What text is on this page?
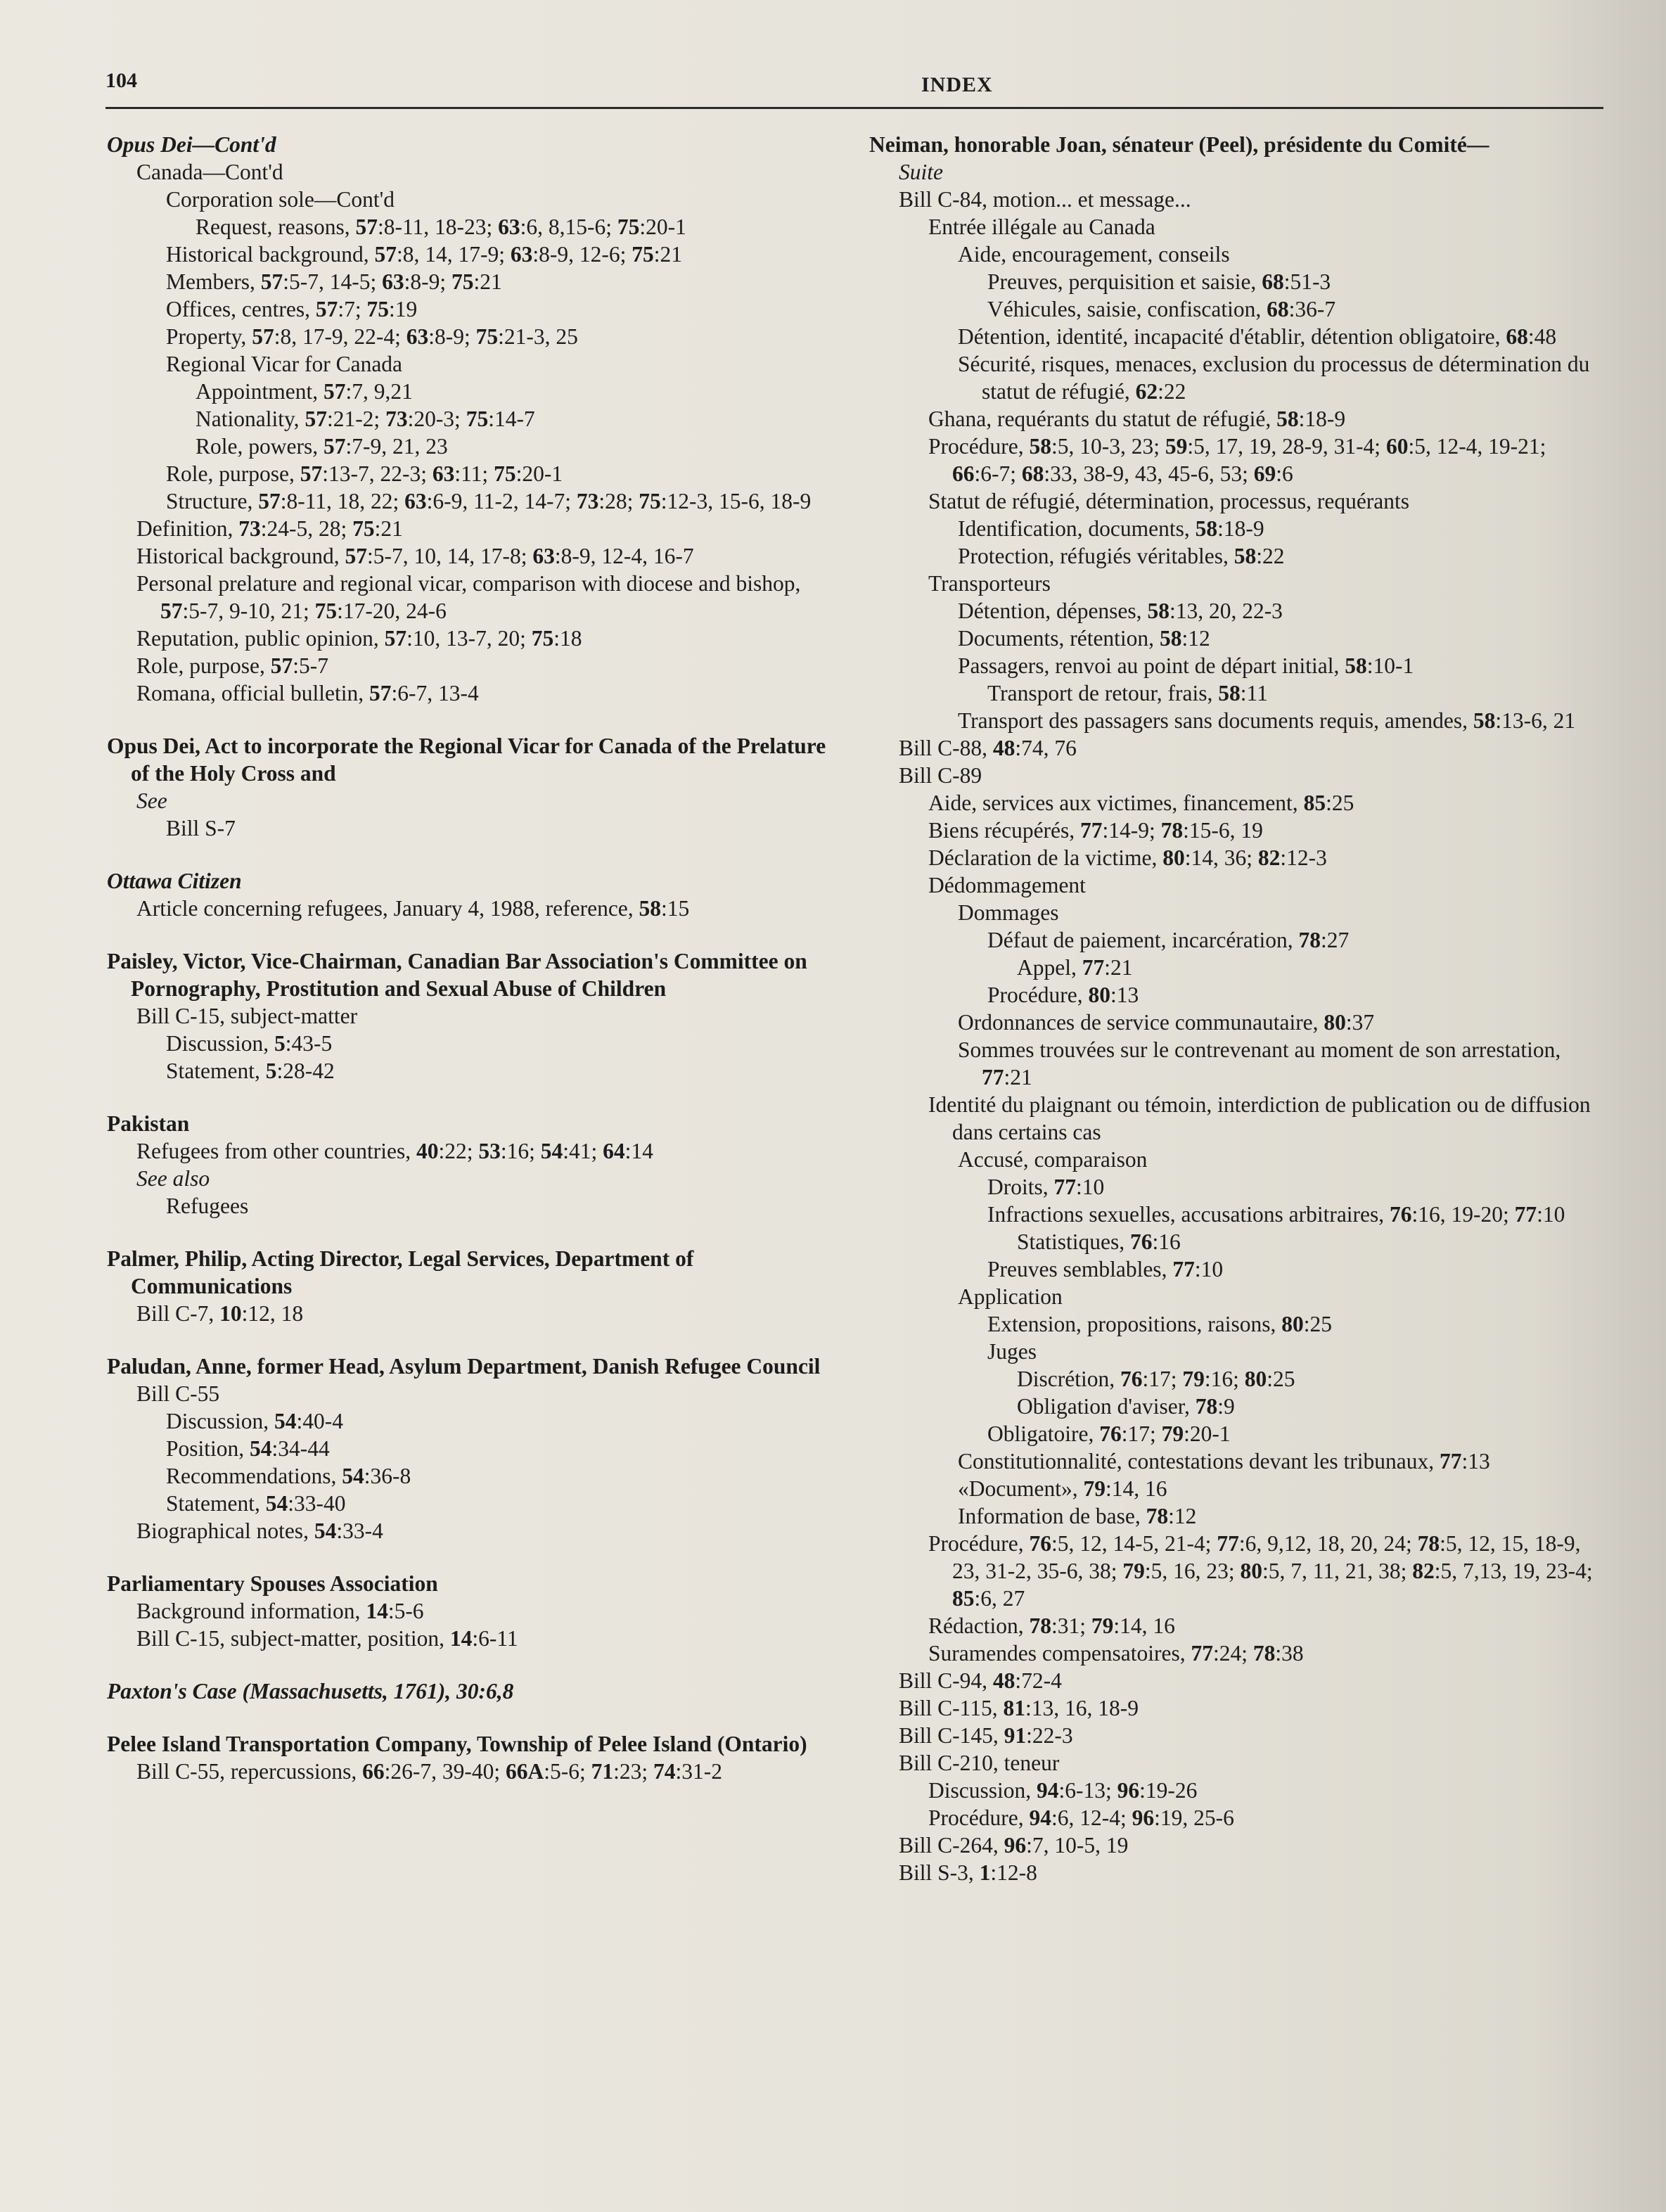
104	INDEX
Opus Dei—Cont'd
Canada—Cont'd
Corporation sole—Cont'd
Request, reasons, 57:8-11, 18-23; 63:6, 8,15-6; 75:20-1
Historical background, 57:8, 14, 17-9; 63:8-9, 12-6; 75:21
Members, 57:5-7, 14-5; 63:8-9; 75:21
Offices, centres, 57:7; 75:19
Property, 57:8, 17-9, 22-4; 63:8-9; 75:21-3, 25
Regional Vicar for Canada
Appointment, 57:7, 9,21
Nationality, 57:21-2; 73:20-3; 75:14-7
Role, powers, 57:7-9, 21, 23
Role, purpose, 57:13-7, 22-3; 63:11; 75:20-1
Structure, 57:8-11, 18, 22; 63:6-9, 11-2, 14-7; 73:28; 75:12-3, 15-6, 18-9
Definition, 73:24-5, 28; 75:21
Historical background, 57:5-7, 10, 14, 17-8; 63:8-9, 12-4, 16-7
Personal prelature and regional vicar, comparison with diocese and bishop, 57:5-7, 9-10, 21; 75:17-20, 24-6
Reputation, public opinion, 57:10, 13-7, 20; 75:18
Role, purpose, 57:5-7
Romana, official bulletin, 57:6-7, 13-4
Opus Dei, Act to incorporate the Regional Vicar for Canada of the Prelature of the Holy Cross and
See
Bill S-7
Ottawa Citizen
Article concerning refugees, January 4, 1988, reference, 58:15
Paisley, Victor, Vice-Chairman, Canadian Bar Association's Committee on Pornography, Prostitution and Sexual Abuse of Children
Bill C-15, subject-matter
Discussion, 5:43-5
Statement, 5:28-42
Pakistan
Refugees from other countries, 40:22; 53:16; 54:41; 64:14
See also
Refugees
Palmer, Philip, Acting Director, Legal Services, Department of Communications
Bill C-7, 10:12, 18
Paludan, Anne, former Head, Asylum Department, Danish Refugee Council
Bill C-55
Discussion, 54:40-4
Position, 54:34-44
Recommendations, 54:36-8
Statement, 54:33-40
Biographical notes, 54:33-4
Parliamentary Spouses Association
Background information, 14:5-6
Bill C-15, subject-matter, position, 14:6-11
Paxton's Case (Massachusetts, 1761), 30:6,8
Pelee Island Transportation Company, Township of Pelee Island (Ontario)
Bill C-55, repercussions, 66:26-7, 39-40; 66A:5-6; 71:23; 74:31-2
Neiman, honorable Joan, sénateur (Peel), présidente du Comité—
Suite
Bill C-84, motion... et message...
Entrée illégale au Canada
Aide, encouragement, conseils
Preuves, perquisition et saisie, 68:51-3
Véhicules, saisie, confiscation, 68:36-7
Détention, identité, incapacité d'établir, détention obligatoire, 68:48
Sécurité, risques, menaces, exclusion du processus de détermination du statut de réfugié, 62:22
Ghana, requérants du statut de réfugié, 58:18-9
Procédure, 58:5, 10-3, 23; 59:5, 17, 19, 28-9, 31-4; 60:5, 12-4, 19-21; 66:6-7; 68:33, 38-9, 43, 45-6, 53; 69:6
Statut de réfugié, détermination, processus, requérants
Identification, documents, 58:18-9
Protection, réfugiés véritables, 58:22
Transporteurs
Détention, dépenses, 58:13, 20, 22-3
Documents, rétention, 58:12
Passagers, renvoi au point de départ initial, 58:10-1
Transport de retour, frais, 58:11
Transport des passagers sans documents requis, amendes, 58:13-6, 21
Bill C-88, 48:74, 76
Bill C-89
Aide, services aux victimes, financement, 85:25
Biens récupérés, 77:14-9; 78:15-6, 19
Déclaration de la victime, 80:14, 36; 82:12-3
Dédommagement
Dommages
Défaut de paiement, incarcération, 78:27
Appel, 77:21
Procédure, 80:13
Ordonnances de service communautaire, 80:37
Sommes trouvées sur le contrevenant au moment de son arrestation, 77:21
Identité du plaignant ou témoin, interdiction de publication ou de diffusion dans certains cas
Accusé, comparaison
Droits, 77:10
Infractions sexuelles, accusations arbitraires, 76:16, 19-20; 77:10
Statistiques, 76:16
Preuves semblables, 77:10
Application
Extension, propositions, raisons, 80:25
Juges
Discrétion, 76:17; 79:16; 80:25
Obligation d'aviser, 78:9
Obligatoire, 76:17; 79:20-1
Constitutionnalité, contestations devant les tribunaux, 77:13
«Document», 79:14, 16
Information de base, 78:12
Procédure, 76:5, 12, 14-5, 21-4; 77:6, 9,12, 18, 20, 24; 78:5, 12, 15, 18-9, 23, 31-2, 35-6, 38; 79:5, 16, 23; 80:5, 7, 11, 21, 38; 82:5, 7,13, 19, 23-4; 85:6, 27
Rédaction, 78:31; 79:14, 16
Suramendes compensatoires, 77:24; 78:38
Bill C-94, 48:72-4
Bill C-115, 81:13, 16, 18-9
Bill C-145, 91:22-3
Bill C-210, teneur
Discussion, 94:6-13; 96:19-26
Procédure, 94:6, 12-4; 96:19, 25-6
Bill C-264, 96:7, 10-5, 19
Bill S-3, 1:12-8
